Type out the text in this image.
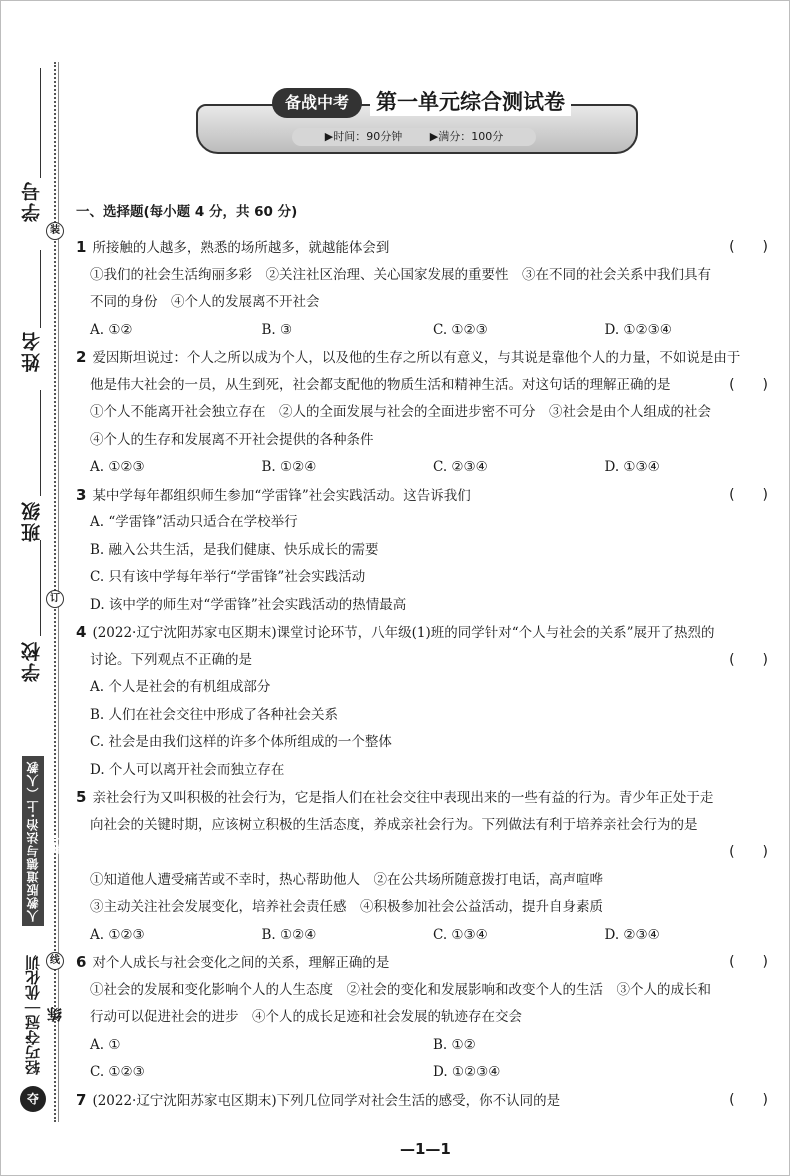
学号
装
姓名
班级
订
学校
线
人教版道德与法治·上（人教版）
轻巧夺冠｜优化训练
夺
备战中考	第一单元综合测试卷
▶时间：90分钟	▶满分：100分
一、选择题(每小题 4 分，共 60 分)
1 所接触的人越多，熟悉的场所越多，就越能体会到	(　　)
①我们的社会生活绚丽多彩　②关注社区治理、关心国家发展的重要性　③在不同的社会关系中我们具有
不同的身份　④个人的发展离不开社会
A. ①②	B. ③	C. ①②③	D. ①②③④
2 爱因斯坦说过：个人之所以成为个人，以及他的生存之所以有意义，与其说是靠他个人的力量，不如说是由于
他是伟大社会的一员，从生到死，社会都支配他的物质生活和精神生活。对这句话的理解正确的是	(　　)
①个人不能离开社会独立存在　②人的全面发展与社会的全面进步密不可分　③社会是由个人组成的社会
④个人的生存和发展离不开社会提供的各种条件
A. ①②③	B. ①②④	C. ②③④	D. ①③④
3 某中学每年都组织师生参加“学雷锋”社会实践活动。这告诉我们	(　　)
A. “学雷锋”活动只适合在学校举行
B. 融入公共生活，是我们健康、快乐成长的需要
C. 只有该中学每年举行“学雷锋”社会实践活动
D. 该中学的师生对“学雷锋”社会实践活动的热情最高
4 (2022·辽宁沈阳苏家屯区期末)课堂讨论环节，八年级(1)班的同学针对“个人与社会的关系”展开了热烈的
讨论。下列观点不正确的是	(　　)
A. 个人是社会的有机组成部分
B. 人们在社会交往中形成了各种社会关系
C. 社会是由我们这样的许多个体所组成的一个整体
D. 个人可以离开社会而独立存在
5 亲社会行为又叫积极的社会行为，它是指人们在社会交往中表现出来的一些有益的行为。青少年正处于走
向社会的关键时期，应该树立积极的生活态度，养成亲社会行为。下列做法有利于培养亲社会行为的是
(　　)
①知道他人遭受痛苦或不幸时，热心帮助他人　②在公共场所随意拨打电话，高声喧哗
③主动关注社会发展变化，培养社会责任感　④积极参加社会公益活动，提升自身素质
A. ①②③	B. ①②④	C. ①③④	D. ②③④
6 对个人成长与社会变化之间的关系，理解正确的是	(　　)
①社会的发展和变化影响个人的人生态度　②社会的变化和发展影响和改变个人的生活　③个人的成长和
行动可以促进社会的进步　④个人的成长足迹和社会发展的轨迹存在交会
A. ①	B. ①②
C. ①②③	D. ①②③④
7 (2022·辽宁沈阳苏家屯区期末)下列几位同学对社会生活的感受，你不认同的是	(　　)
—1—1
